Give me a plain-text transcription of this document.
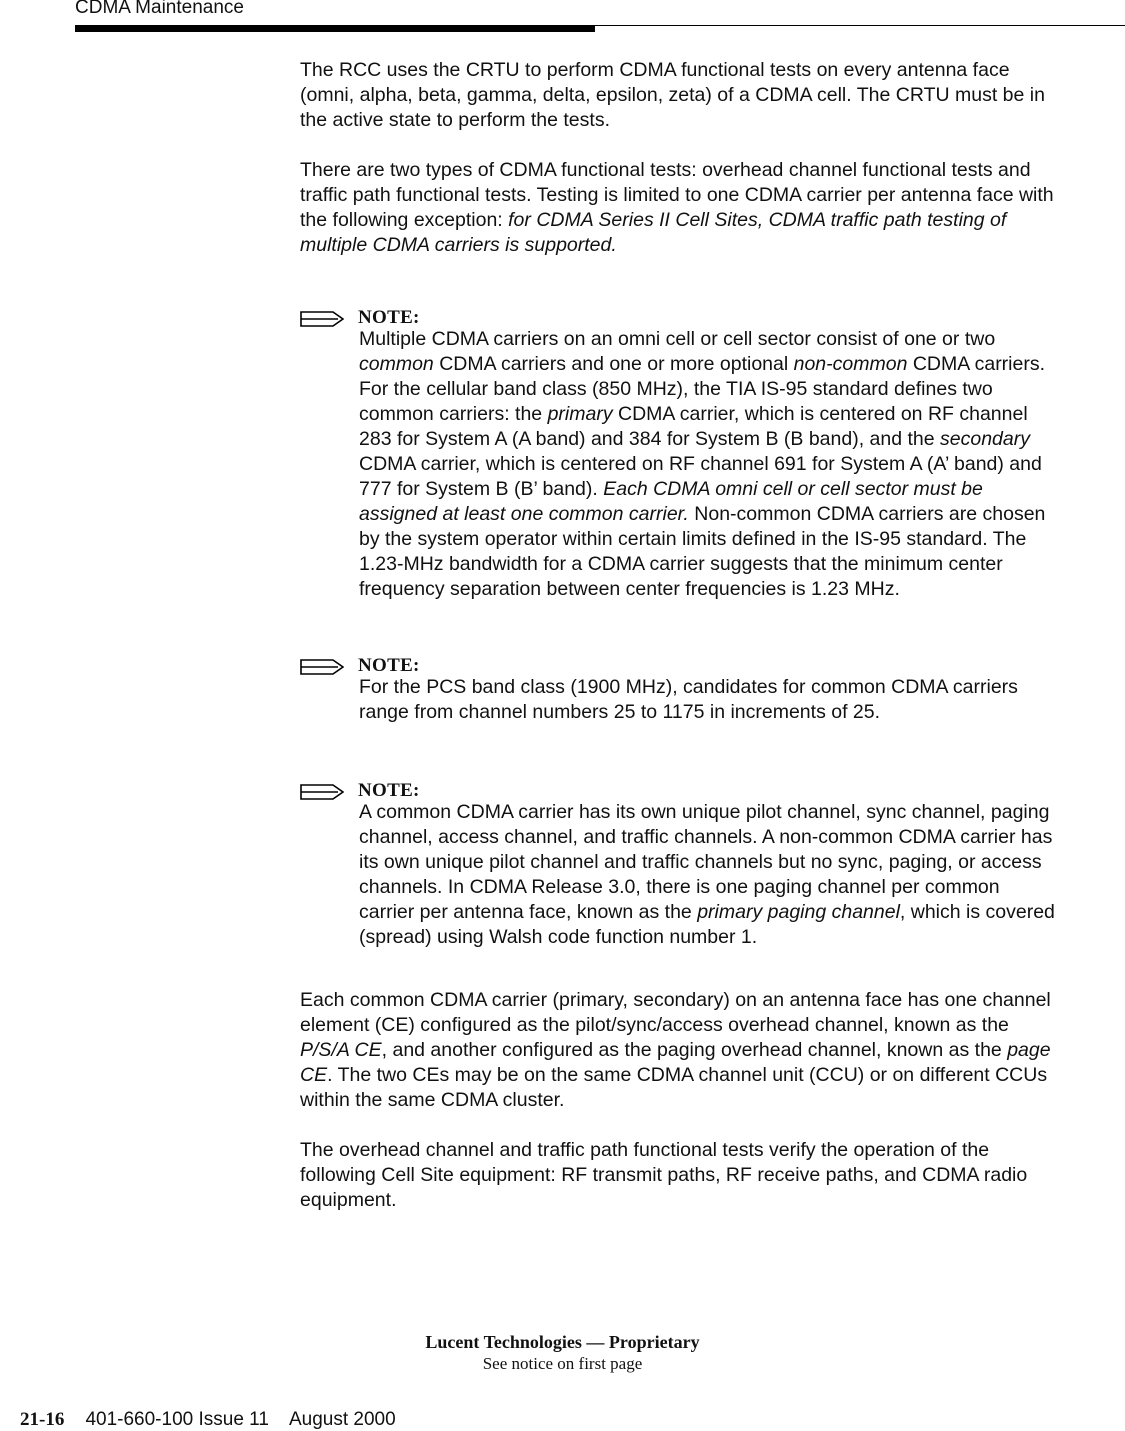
CDMA Maintenance

The RCC uses the CRTU to perform CDMA functional tests on every antenna face (omni, alpha, beta, gamma, delta, epsilon, zeta) of a CDMA cell. The CRTU must be in the active state to perform the tests.

There are two types of CDMA functional tests: overhead channel functional tests and traffic path functional tests. Testing is limited to one CDMA carrier per antenna face with the following exception: for CDMA Series II Cell Sites, CDMA traffic path testing of multiple CDMA carriers is supported.

NOTE:
Multiple CDMA carriers on an omni cell or cell sector consist of one or two common CDMA carriers and one or more optional non-common CDMA carriers. For the cellular band class (850 MHz), the TIA IS-95 standard defines two common carriers: the primary CDMA carrier, which is centered on RF channel 283 for System A (A band) and 384 for System B (B band), and the secondary CDMA carrier, which is centered on RF channel 691 for System A (A’ band) and 777 for System B (B’ band). Each CDMA omni cell or cell sector must be assigned at least one common carrier. Non-common CDMA carriers are chosen by the system operator within certain limits defined in the IS-95 standard. The 1.23-MHz bandwidth for a CDMA carrier suggests that the minimum center frequency separation between center frequencies is 1.23 MHz.
NOTE:
For the PCS band class (1900 MHz), candidates for common CDMA carriers range from channel numbers 25 to 1175 in increments of 25.
NOTE:
A common CDMA carrier has its own unique pilot channel, sync channel, paging channel, access channel, and traffic channels. A non-common CDMA carrier has its own unique pilot channel and traffic channels but no sync, paging, or access channels. In CDMA Release 3.0, there is one paging channel per common carrier per antenna face, known as the primary paging channel, which is covered (spread) using Walsh code function number 1.

Each common CDMA carrier (primary, secondary) on an antenna face has one channel element (CE) configured as the pilot/sync/access overhead channel, known as the P/S/A CE, and another configured as the paging overhead channel, known as the page CE. The two CEs may be on the same CDMA channel unit (CCU) or on different CCUs within the same CDMA cluster.

The overhead channel and traffic path functional tests verify the operation of the following Cell Site equipment: RF transmit paths, RF receive paths, and CDMA radio equipment.

Lucent Technologies — Proprietary
See notice on first page
21-16 401-660-100 Issue 11 August 2000
